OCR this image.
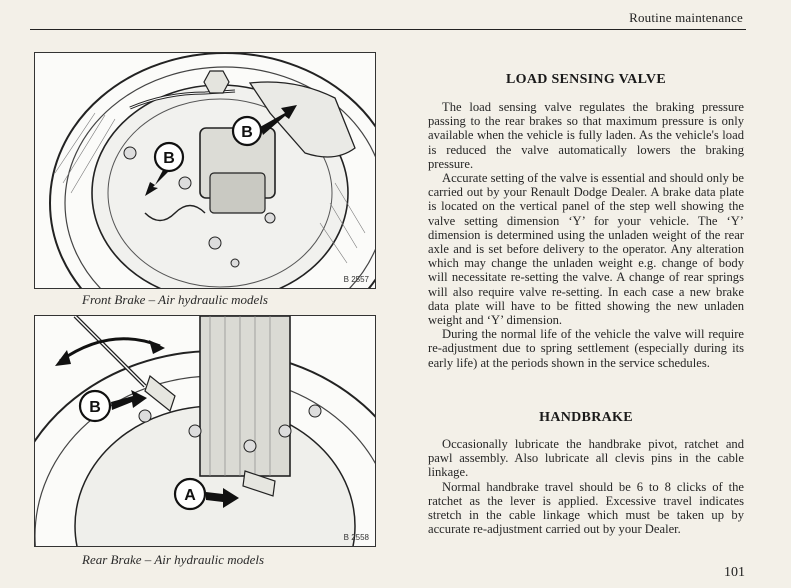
Routine maintenance
B
B
B 2557
Front Brake – Air hydraulic models
B
A
B 2558
Rear Brake – Air hydraulic models
LOAD SENSING VALVE

The load sensing valve regulates the braking pressure passing to the rear brakes so that maximum pressure is only available when the vehicle is fully laden. As the vehicle's load is reduced the valve automatically lowers the braking pressure.

Accurate setting of the valve is essential and should only be carried out by your Renault Dodge Dealer. A brake data plate is located on the vertical panel of the step well showing the valve setting dimension ‘Y’ for your vehicle. The ‘Y’ dimension is determined using the unladen weight of the rear axle and is set before delivery to the operator. Any alteration which may change the unladen weight e.g. change of body will necessitate re-setting the valve. A change of rear springs will also require valve re-setting. In each case a new brake data plate will have to be fitted showing the new unladen weight and ‘Y’ dimension.

During the normal life of the vehicle the valve will require re-adjustment due to spring settlement (especially during its early life) at the periods shown in the service schedules.

HANDBRAKE

Occasionally lubricate the handbrake pivot, ratchet and pawl assembly. Also lubricate all clevis pins in the cable linkage.

Normal handbrake travel should be 6 to 8 clicks of the ratchet as the lever is applied. Excessive travel indicates stretch in the cable linkage which must be taken up by accurate re-adjustment carried out by your Dealer.

101
